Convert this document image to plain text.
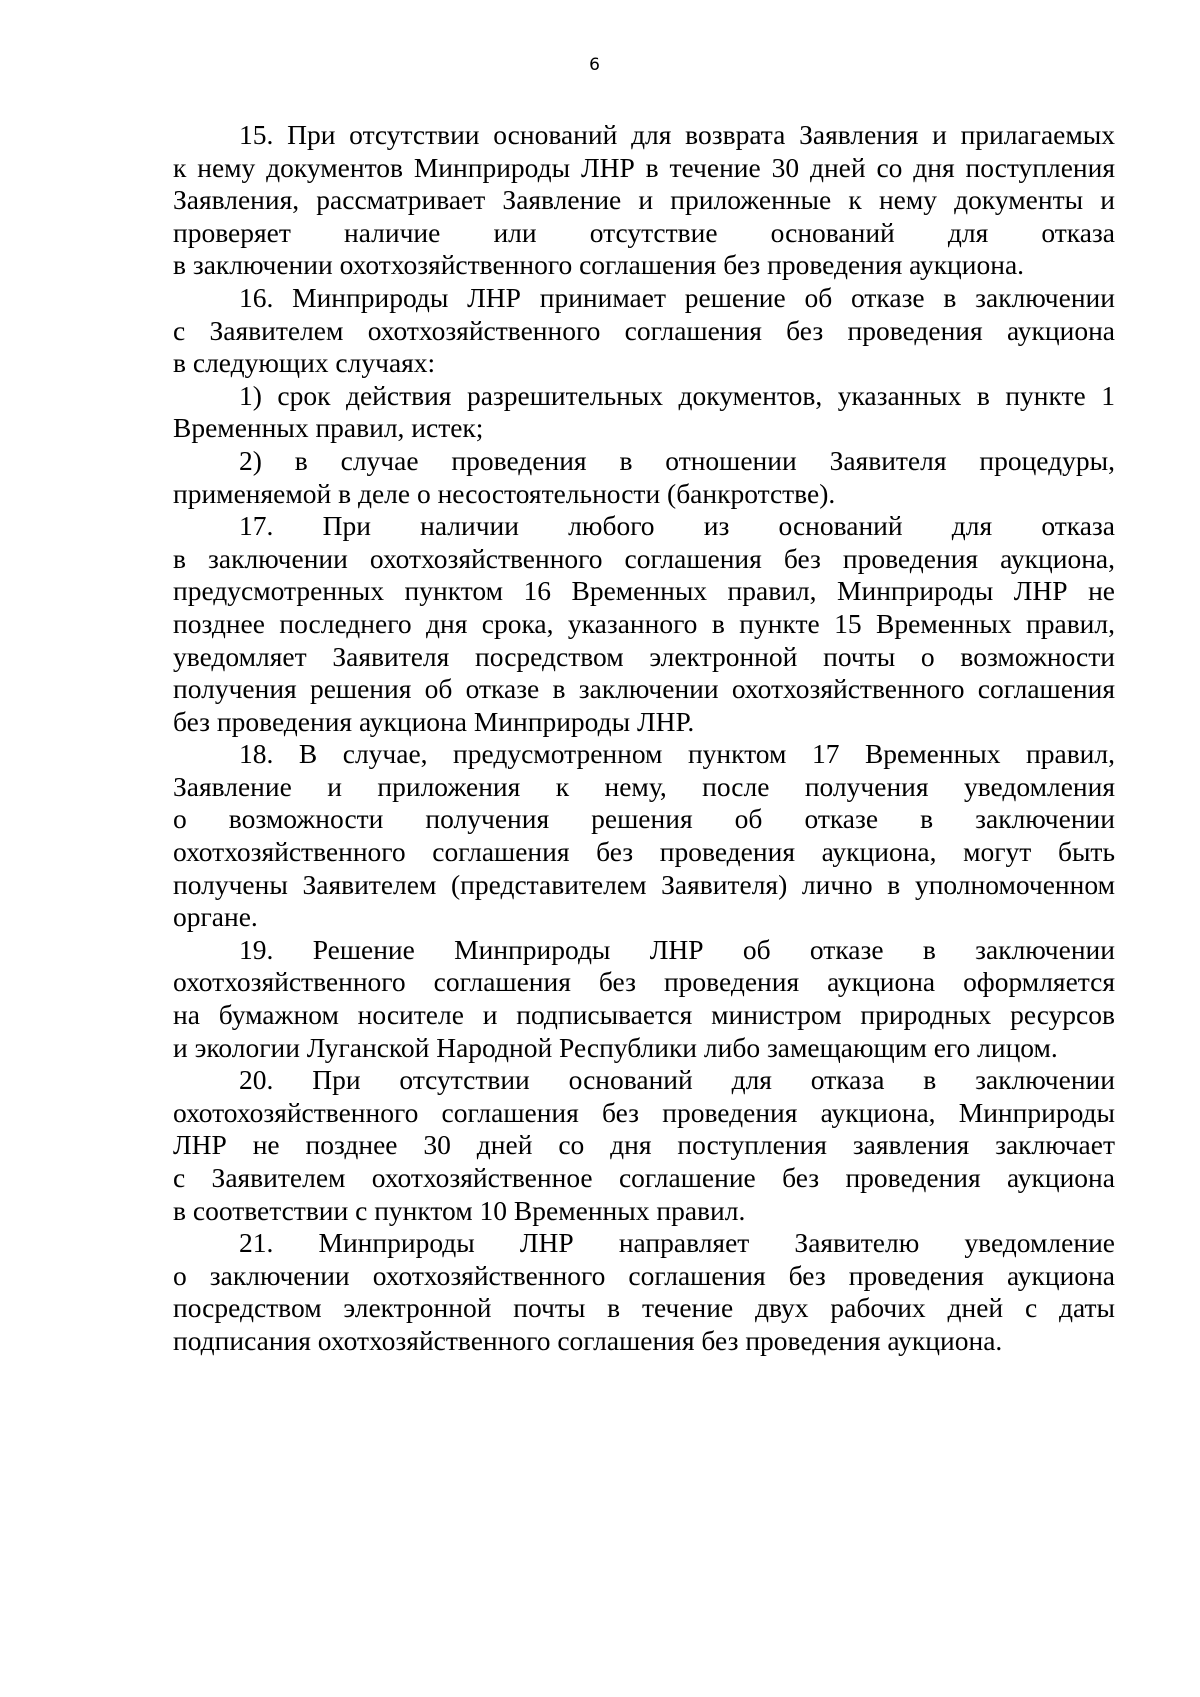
6
15. При отсутствии оснований для возврата Заявления и прилагаемых
к нему документов Минприроды ЛНР в течение 30 дней со дня поступления
Заявления, рассматривает Заявление и приложенные к нему документы и
проверяет наличие или отсутствие оснований для отказа
в заключении охотхозяйственного соглашения без проведения аукциона.
16. Минприроды ЛНР принимает решение об отказе в заключении
с Заявителем охотхозяйственного соглашения без проведения аукциона
в следующих случаях:
1) срок действия разрешительных документов, указанных в пункте 1
Временных правил, истек;
2) в случае проведения в отношении Заявителя процедуры,
применяемой в деле о несостоятельности (банкротстве).
17. При наличии любого из оснований для отказа
в заключении охотхозяйственного соглашения без проведения аукциона,
предусмотренных пунктом 16 Временных правил, Минприроды ЛНР не
позднее последнего дня срока, указанного в пункте 15 Временных правил,
уведомляет Заявителя посредством электронной почты о возможности
получения решения об отказе в заключении охотхозяйственного соглашения
без проведения аукциона Минприроды ЛНР.
18. В случае, предусмотренном пунктом 17 Временных правил,
Заявление и приложения к нему, после получения уведомления
о возможности получения решения об отказе в заключении
охотхозяйственного соглашения без проведения аукциона, могут быть
получены Заявителем (представителем Заявителя) лично в уполномоченном
органе.
19. Решение Минприроды ЛНР об отказе в заключении
охотхозяйственного соглашения без проведения аукциона оформляется
на бумажном носителе и подписывается министром природных ресурсов
и экологии Луганской Народной Республики либо замещающим его лицом.
20. При отсутствии оснований для отказа в заключении
охотохозяйственного соглашения без проведения аукциона, Минприроды
ЛНР не позднее 30 дней со дня поступления заявления заключает
с Заявителем охотхозяйственное соглашение без проведения аукциона
в соответствии с пунктом 10 Временных правил.
21. Минприроды ЛНР направляет Заявителю уведомление
о заключении охотхозяйственного соглашения без проведения аукциона
посредством электронной почты в течение двух рабочих дней с даты
подписания охотхозяйственного соглашения без проведения аукциона.
